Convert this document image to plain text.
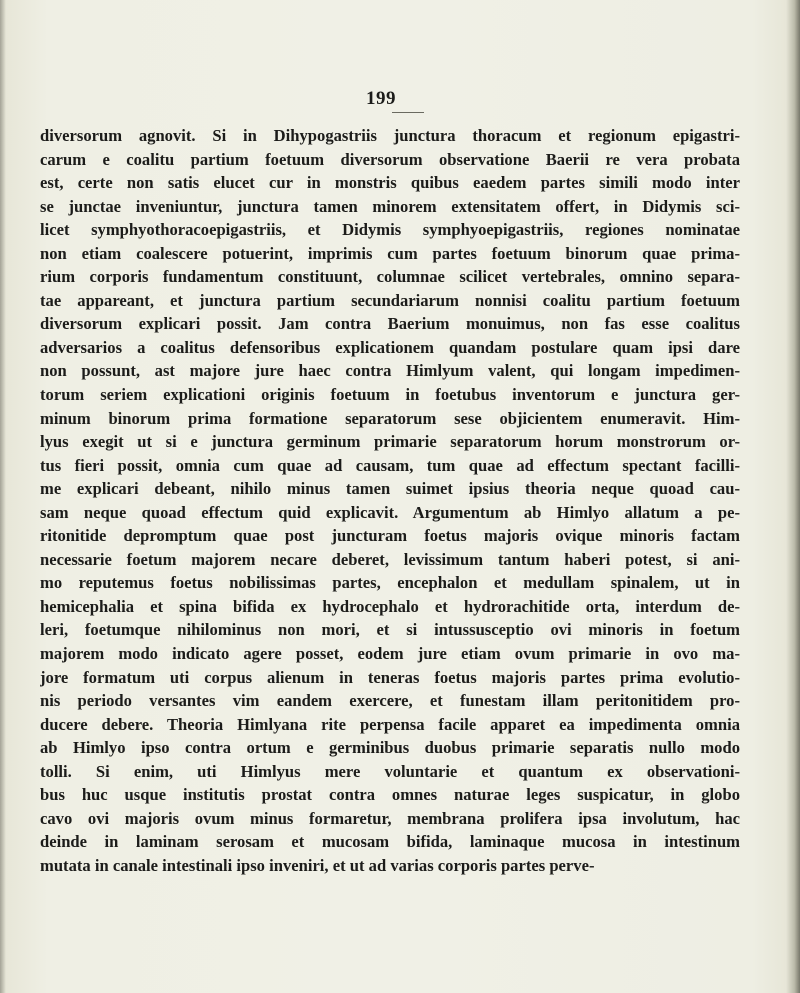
199
diversorum agnovit. Si in Dihypogastriis junctura thoracum et regionum epigastri-
carum e coalitu partium foetuum diversorum observatione Baerii re vera probata
est, certe non satis elucet cur in monstris quibus eaedem partes simili modo inter
se junctae inveniuntur, junctura tamen minorem extensitatem offert, in Didymis sci-
licet symphyothoracoepigastriis, et Didymis symphyoepigastriis, regiones nominatae
non etiam coalescere potuerint, imprimis cum partes foetuum binorum quae prima-
rium corporis fundamentum constituunt, columnae scilicet vertebrales, omnino separa-
tae appareant, et junctura partium secundariarum nonnisi coalitu partium foetuum
diversorum explicari possit. Jam contra Baerium monuimus, non fas esse coalitus
adversarios a coalitus defensoribus explicationem quandam postulare quam ipsi dare
non possunt, ast majore jure haec contra Himlyum valent, qui longam impedimen-
torum seriem explicationi originis foetuum in foetubus inventorum e junctura ger-
minum binorum prima formatione separatorum sese objicientem enumeravit. Him-
lyus exegit ut si e junctura germinum primarie separatorum horum monstrorum or-
tus fieri possit, omnia cum quae ad causam, tum quae ad effectum spectant facilli-
me explicari debeant, nihilo minus tamen suimet ipsius theoria neque quoad cau-
sam neque quoad effectum quid explicavit. Argumentum ab Himlyo allatum a pe-
ritonitide depromptum quae post juncturam foetus majoris ovique minoris factam
necessarie foetum majorem necare deberet, levissimum tantum haberi potest, si ani-
mo reputemus foetus nobilissimas partes, encephalon et medullam spinalem, ut in
hemicephalia et spina bifida ex hydrocephalo et hydrorachitide orta, interdum de-
leri, foetumque nihilominus non mori, et si intussusceptio ovi minoris in foetum
majorem modo indicato agere posset, eodem jure etiam ovum primarie in ovo ma-
jore formatum uti corpus alienum in teneras foetus majoris partes prima evolutio-
nis periodo versantes vim eandem exercere, et funestam illam peritonitidem pro-
ducere debere. Theoria Himlyana rite perpensa facile apparet ea impedimenta omnia
ab Himlyo ipso contra ortum e germinibus duobus primarie separatis nullo modo
tolli. Si enim, uti Himlyus mere voluntarie et quantum ex observationi-
bus huc usque institutis prostat contra omnes naturae leges suspicatur, in globo
cavo ovi majoris ovum minus formaretur, membrana prolifera ipsa involutum, hac
deinde in laminam serosam et mucosam bifida, laminaque mucosa in intestinum
mutata in canale intestinali ipso inveniri, et ut ad varias corporis partes perve-
